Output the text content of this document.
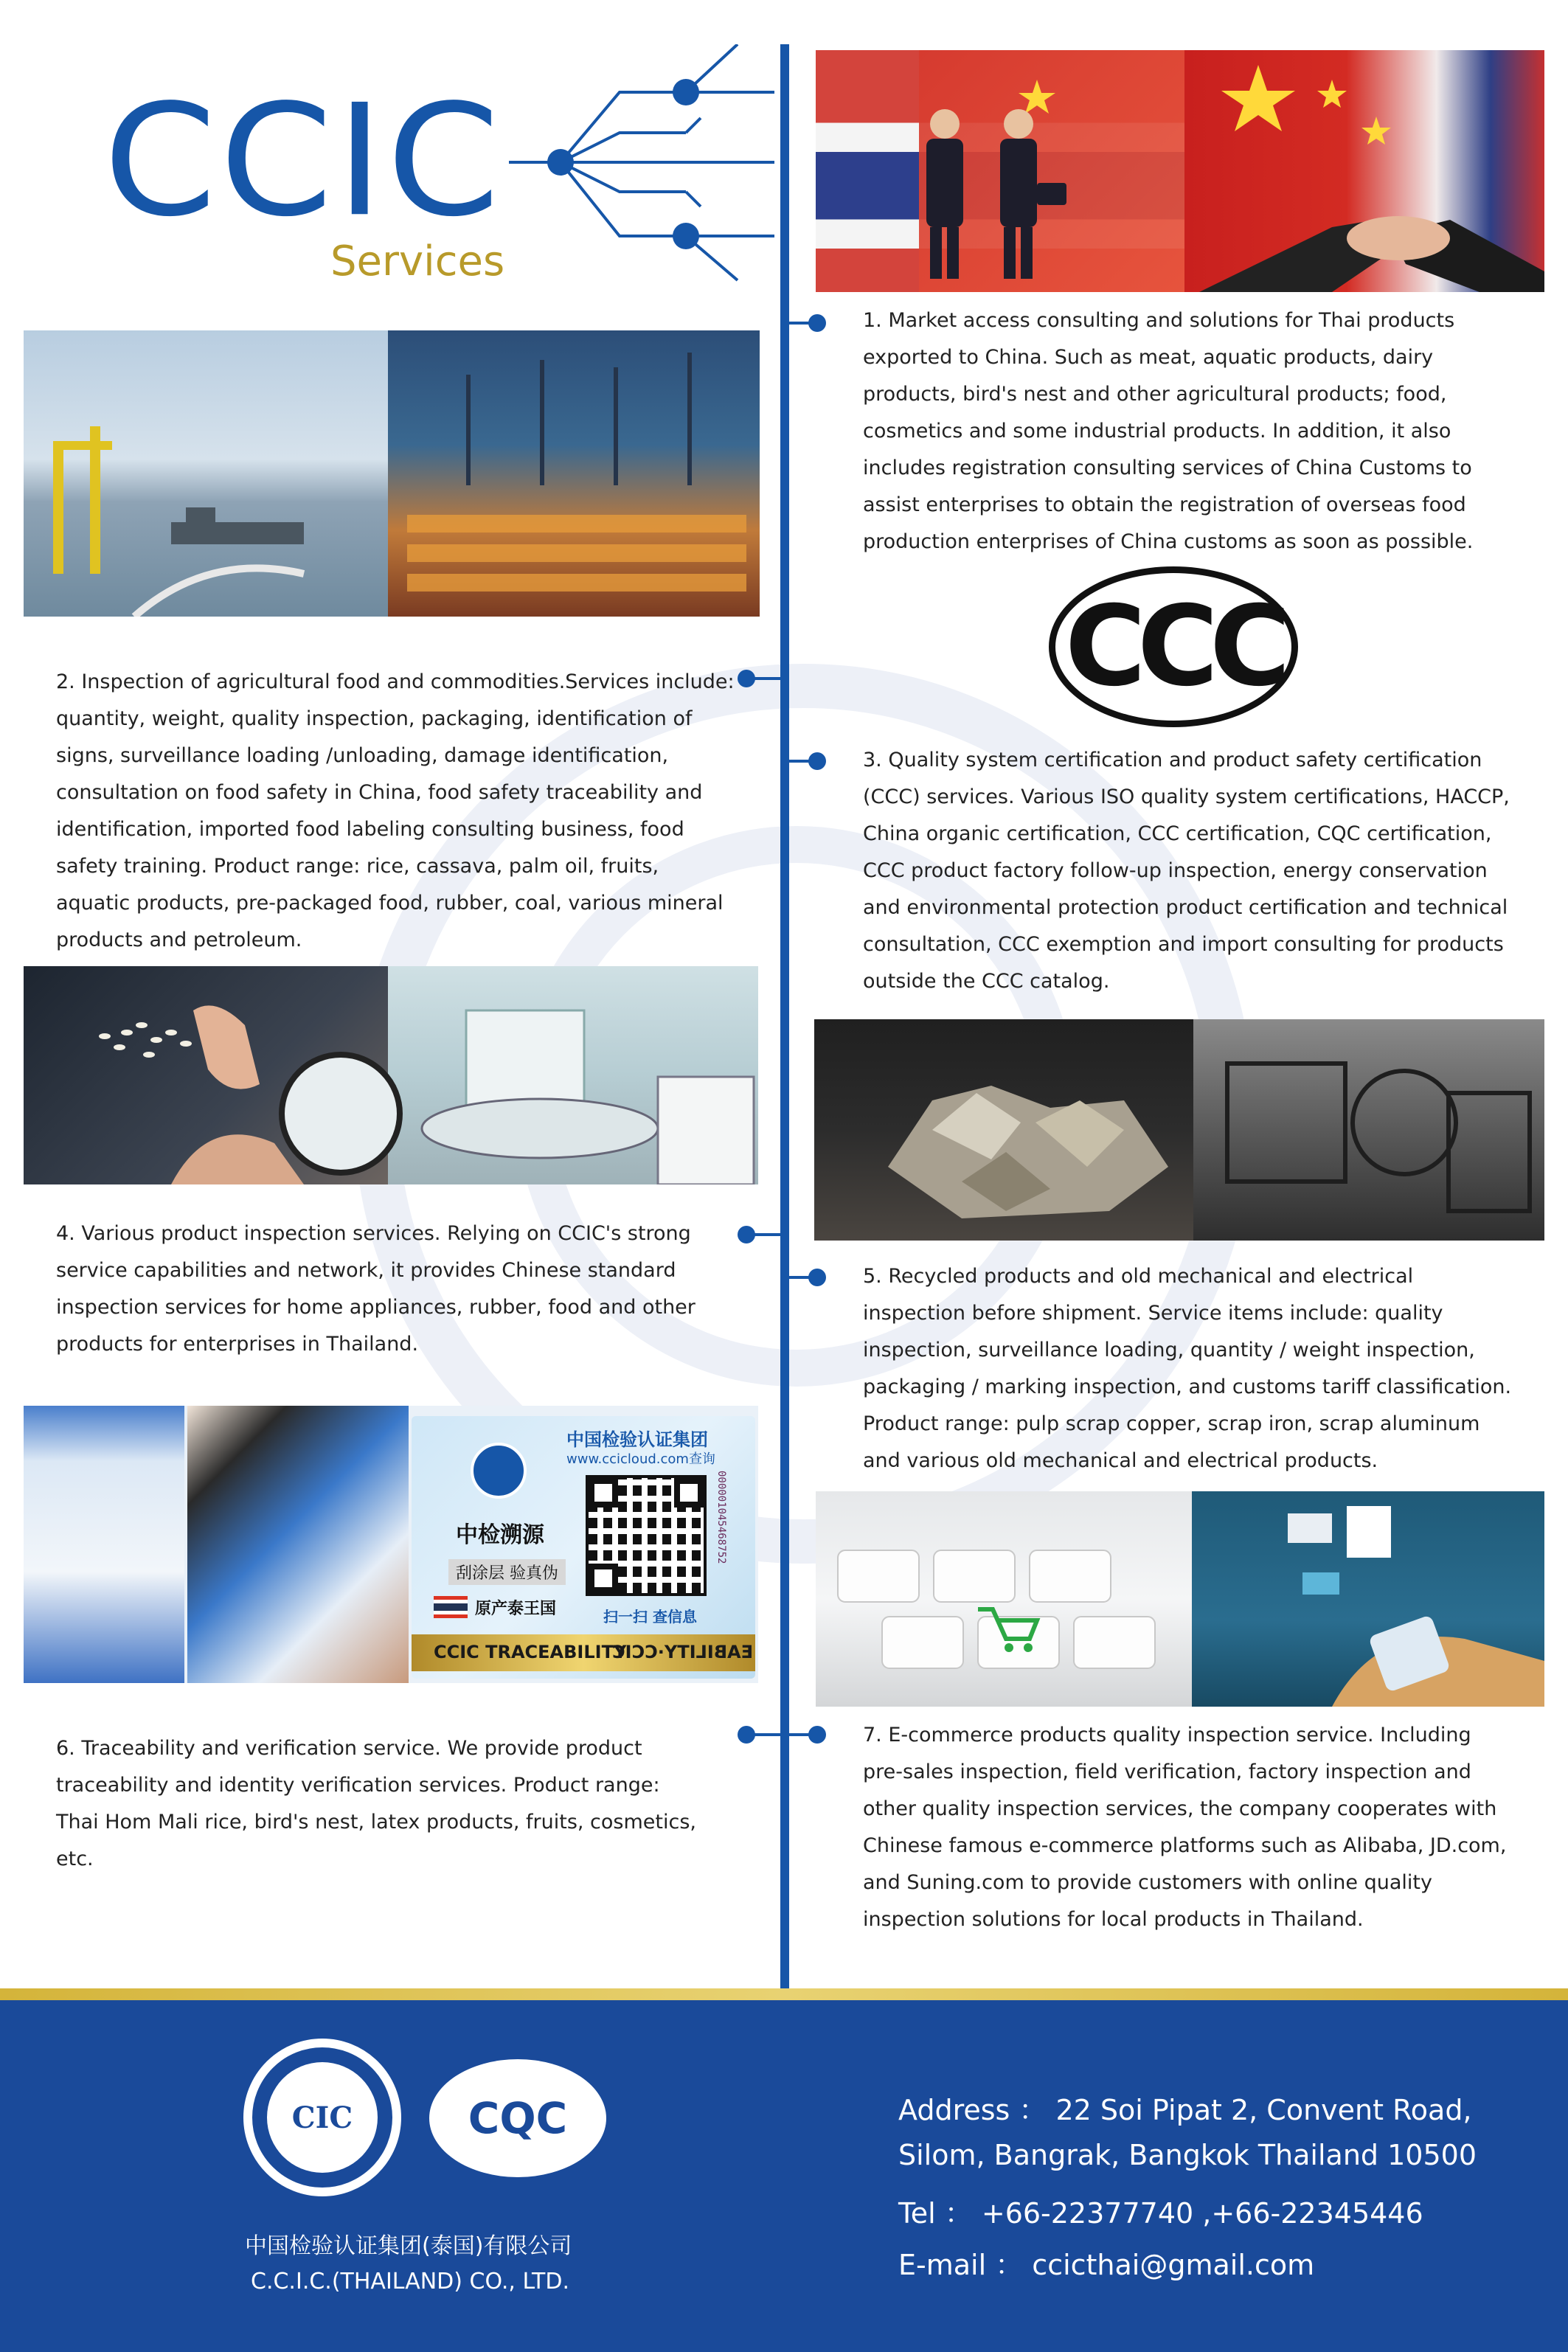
CCIC
Services
1. Market access consulting and solutions for Thai products exported to China. Such as meat, aquatic products, dairy products, bird's nest and other agricultural products; food, cosmetics and some industrial products. In addition, it also includes registration consulting services of China Customs to assist enterprises to obtain the registration of overseas food production enterprises of China customs as soon as possible.
CCC
2. Inspection of agricultural food and commodities.Services include: quantity, weight, quality inspection, packaging, identification of signs, surveillance loading /unloading, damage identification, consultation on food safety in China, food safety traceability and identification, imported food labeling consulting business, food safety training. Product range: rice, cassava, palm oil, fruits, aquatic products, pre-packaged food, rubber, coal, various mineral products and petroleum.
3. Quality system certification and product safety certification (CCC) services. Various ISO quality system certifications, HACCP, China organic certification, CCC certification, CQC certification, CCC product factory follow-up inspection, energy conservation and environmental protection product certification and technical consultation, CCC exemption and import consulting for products outside the CCC catalog.
4. Various product inspection services. Relying on CCIC's strong service capabilities and network, it provides Chinese standard inspection services for home appliances, rubber, food and other products for enterprises in Thailand.
5. Recycled products and old mechanical and electrical inspection before shipment. Service items include: quality inspection, surveillance loading, quantity / weight inspection, packaging / marking inspection, and customs tariff classification. Product range: pulp scrap copper, scrap iron, scrap aluminum and various old mechanical and electrical products.
中国检验认证集团
www.ccicloud.com查询
中检溯源
刮涂层 验真伪
原产泰王国
000001045468752
扫一扫 查信息
EABILITY·CCIC
CCIC TRACEABILITY
6. Traceability and verification service. We provide product traceability and identity verification services. Product range: Thai Hom Mali rice, bird's nest, latex products, fruits, cosmetics, etc.
7. E-commerce products quality inspection service. Including pre-sales inspection, field verification, factory inspection and other quality inspection services, the company cooperates with Chinese famous e-commerce platforms such as Alibaba, JD.com, and Suning.com to provide customers with online quality inspection solutions for local products in Thailand.
CIC	CQC
中国检验认证集团(泰国)有限公司
C.C.I.C.(THAILAND) CO., LTD.
Address ： 22 Soi Pipat 2, Convent Road,
Silom, Bangrak, Bangkok Thailand 10500
Tel ： +66-22377740 ,+66-22345446
E-mail ： ccicthai@gmail.com
